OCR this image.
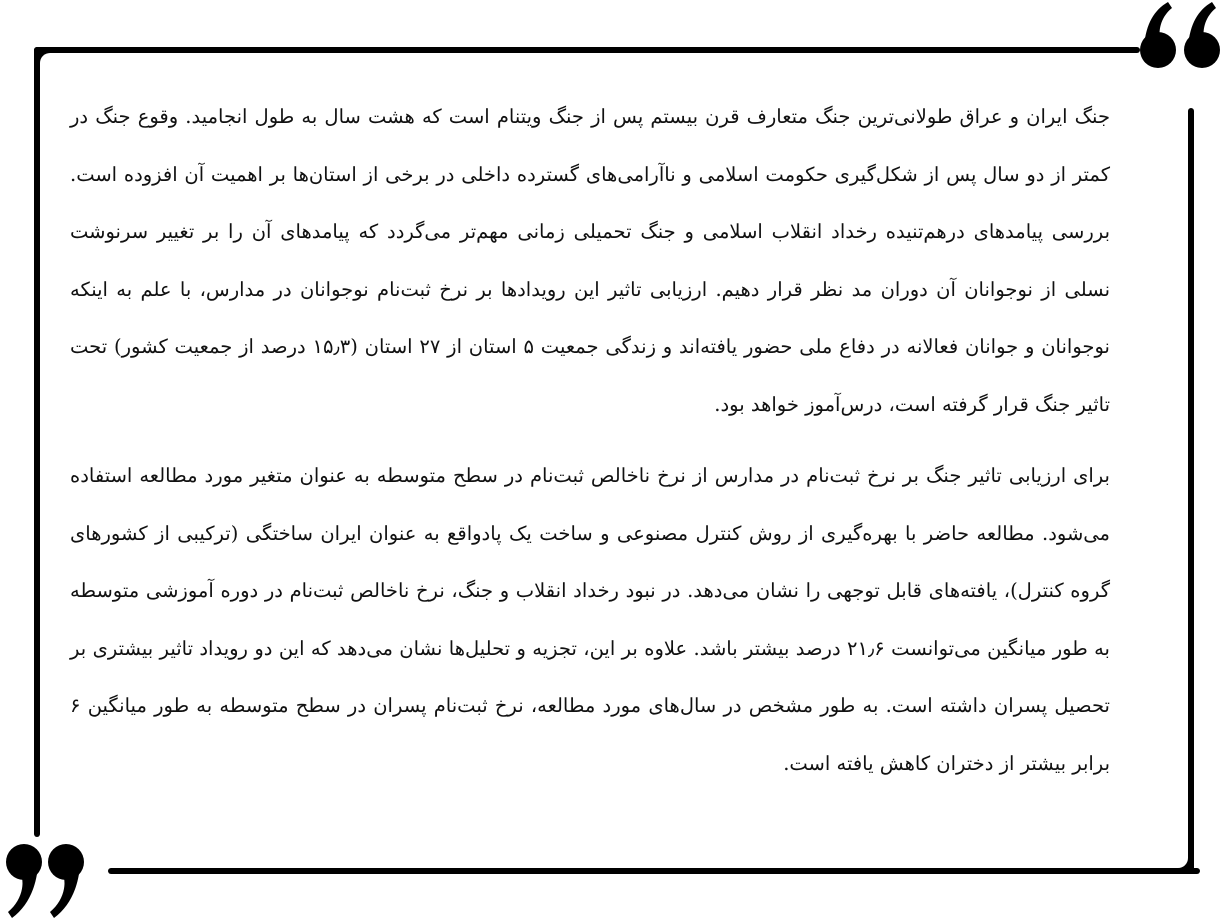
جنگ ایران و عراق طولانی‌ترین جنگ متعارف قرن بیستم پس از جنگ ویتنام است که هشت سال به طول انجامید. وقوع جنگ در کمتر از دو سال پس از شکل‌گیری حکومت اسلامی و ناآرامی‌های گسترده داخلی در برخی از استان‌ها بر اهمیت آن افزوده است. بررسی پیامدهای درهم‌تنیده رخداد انقلاب اسلامی و جنگ تحمیلی زمانی مهم‌تر می‌گردد که پیامدهای آن را بر تغییر سرنوشت نسلی از نوجوانان آن دوران مد نظر قرار دهیم. ارزیابی تاثیر این رویدادها بر نرخ ثبت‌نام نوجوانان در مدارس، با علم به اینکه نوجوانان و جوانان فعالانه در دفاع ملی حضور یافته‌اند و زندگی جمعیت ۵ استان از ۲۷ استان (۱۵٫۳ درصد از جمعیت کشور) تحت تاثیر جنگ قرار گرفته است، درس‌آموز خواهد بود.

برای ارزیابی تاثیر جنگ بر نرخ ثبت‌نام در مدارس از نرخ ناخالص ثبت‌نام در سطح متوسطه به عنوان متغیر مورد مطالعه استفاده می‌شود. مطالعه حاضر با بهره‌گیری از روش کنترل مصنوعی و ساخت یک پادواقع به عنوان ایران ساختگی (ترکیبی از کشورهای گروه کنترل)، یافته‌های قابل توجهی را نشان می‌دهد. در نبود رخداد انقلاب و جنگ، نرخ ناخالص ثبت‌نام در دوره آموزشی متوسطه به طور میانگین می‌توانست ۲۱٫۶ درصد بیشتر باشد. علاوه بر این، تجزیه و تحلیل‌ها نشان می‌دهد که این دو رویداد تاثیر بیشتری بر تحصیل پسران داشته است. به طور مشخص در سال‌های مورد مطالعه، نرخ ثبت‌نام پسران در سطح متوسطه به طور میانگین ۶ برابر بیشتر از دختران کاهش یافته است.
